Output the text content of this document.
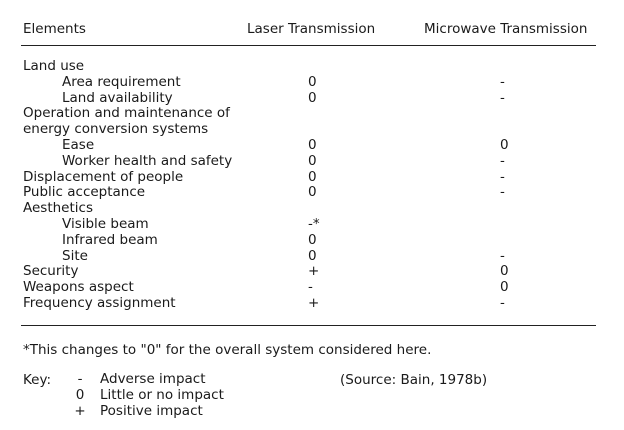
Elements	Laser Transmission	Microwave Transmission
Land use
Area requirement	0	-
Land availability	0	-
Operation and maintenance of
energy conversion systems
Ease	0	0
Worker health and safety	0	-
Displacement of people	0	-
Public acceptance	0	-
Aesthetics
Visible beam	-*
Infrared beam	0
Site	0	-
Security	+	0
Weapons aspect	-	0
Frequency assignment	+	-
*This changes to "0" for the overall system considered here.
Key:	-	Adverse impact
0 Little or no impact
+ Positive impact
(Source: Bain, 1978b)
